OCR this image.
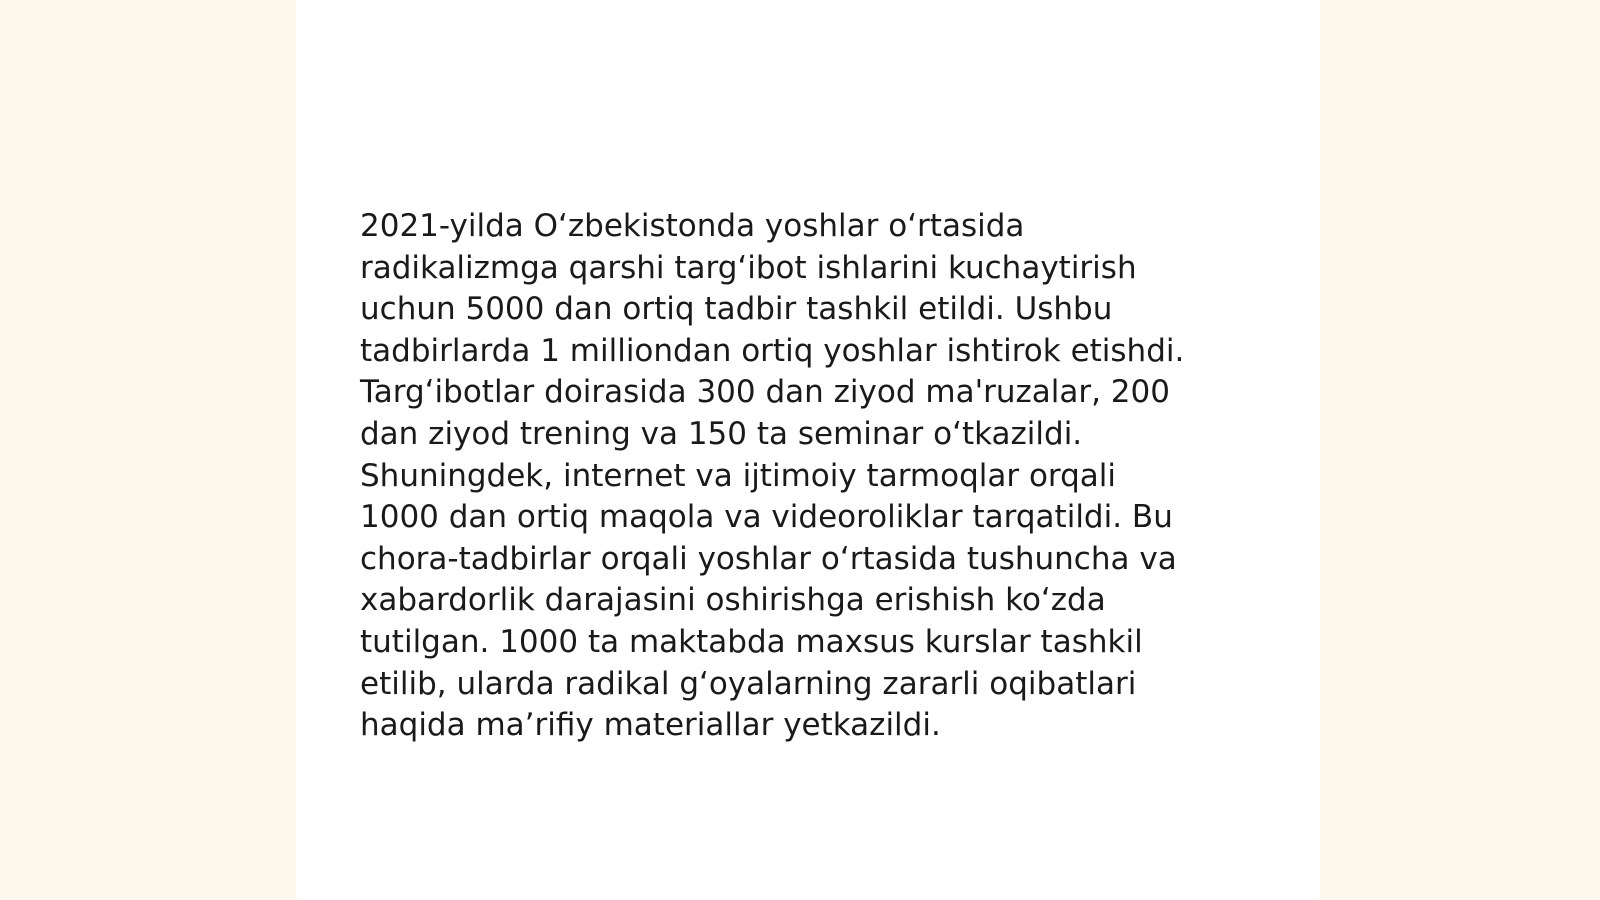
2021-yilda O‘zbekistonda yoshlar o‘rtasida
radikalizmga qarshi targ‘ibot ishlarini kuchaytirish
uchun 5000 dan ortiq tadbir tashkil etildi. Ushbu
tadbirlarda 1 milliondan ortiq yoshlar ishtirok etishdi.
Targ‘ibotlar doirasida 300 dan ziyod ma'ruzalar, 200
dan ziyod trening va 150 ta seminar o‘tkazildi.
Shuningdek, internet va ijtimoiy tarmoqlar orqali
1000 dan ortiq maqola va videoroliklar tarqatildi. Bu
chora-tadbirlar orqali yoshlar o‘rtasida tushuncha va
xabardorlik darajasini oshirishga erishish ko‘zda
tutilgan. 1000 ta maktabda maxsus kurslar tashkil
etilib, ularda radikal g‘oyalarning zararli oqibatlari
haqida ma’rifiy materiallar yetkazildi.
